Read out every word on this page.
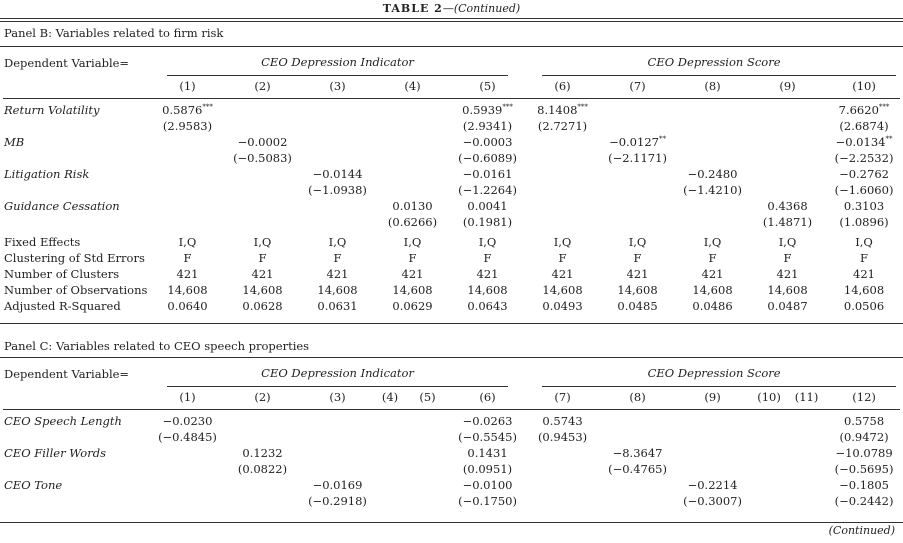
TABLE 2—(Continued)
Panel B: Variables related to firm risk
Dependent Variable=	CEO Depression Indicator					CEO Depression Score				

	(1)	(2)	(3)	(4)	(5)	(6)	(7)	(8)	(9)	(10)

Return Volatility	0.5876***				0.5939***	8.1408***				7.6620***
	(2.9583)				(2.9341)	(2.7271)				(2.6874)
MB		−0.0002			−0.0003		−0.0127**			−0.0134**
		(−0.5083)			(−0.6089)		(−2.1171)			(−2.2532)
Litigation Risk			−0.0144		−0.0161			−0.2480		−0.2762
			(−1.0938)		(−1.2264)			(−1.4210)		(−1.6060)
Guidance Cessation				0.0130	0.0041				0.4368	0.3103
				(0.6266)	(0.1981)				(1.4871)	(1.0896)

Fixed Effects	I,Q	I,Q	I,Q	I,Q	I,Q	I,Q	I,Q	I,Q	I,Q	I,Q
Clustering of Std Errors	F	F	F	F	F	F	F	F	F	F
Number of Clusters	421	421	421	421	421	421	421	421	421	421
Number of Observations	14,608	14,608	14,608	14,608	14,608	14,608	14,608	14,608	14,608	14,608
Adjusted R-Squared	0.0640	0.0628	0.0631	0.0629	0.0643	0.0493	0.0485	0.0486	0.0487	0.0506
Panel C: Variables related to CEO speech properties
Dependent Variable=	CEO Depression Indicator						CEO Depression Score					

	(1)	(2)	(3)	(4)	(5)	(6)	(7)	(8)	(9)	(10)	(11)	(12)

CEO Speech Length	−0.0230					−0.0263	0.5743					0.5758
	(−0.4845)					(−0.5545)	(0.9453)					(0.9472)
CEO Filler Words		0.1232				0.1431		−8.3647				−10.0789
		(0.0822)				(0.0951)		(−0.4765)				(−0.5695)
CEO Tone			−0.0169			−0.0100			−0.2214			−0.1805
			(−0.2918)			(−0.1750)			(−0.3007)			(−0.2442)
(Continued)
